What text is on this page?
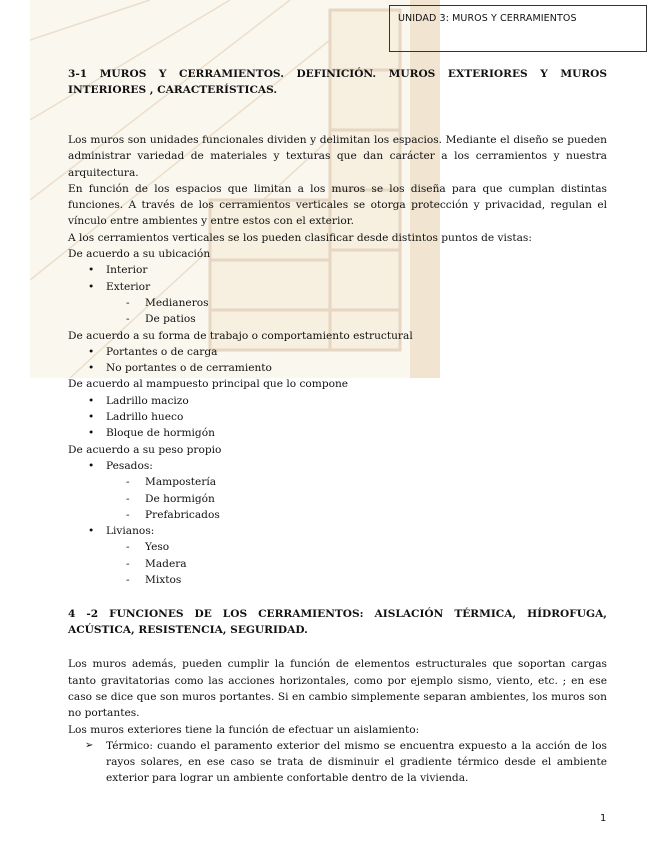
UNIDAD 3: MUROS Y CERRAMIENTOS

3-1 MUROS Y CERRAMIENTOS. DEFINICIÓN. MUROS EXTERIORES Y MUROS INTERIORES , CARACTERÍSTICAS.

Los muros son unidades funcionales dividen y delimitan los espacios. Mediante el diseño se pueden administrar variedad de materiales y texturas que dan carácter a los cerramientos y nuestra arquitectura.

En función de los espacios que limitan a los muros se los diseña para que cumplan distintas funciones. A través de los cerramientos verticales se otorga protección y privacidad, regulan el vínculo entre ambientes y entre estos con el exterior.

A los cerramientos verticales se los pueden clasificar desde distintos puntos de vistas:

De acuerdo a su ubicación
• Interior
• Exterior
- Medianeros
- De patios
De acuerdo a su forma de trabajo o comportamiento estructural
• Portantes o de carga
• No portantes o de cerramiento
De acuerdo al mampuesto principal que lo compone
• Ladrillo macizo
• Ladrillo hueco
• Bloque de hormigón
De acuerdo a su peso propio
• Pesados:
- Mampostería
- De hormigón
- Prefabricados
• Livianos:
- Yeso
- Madera
- Mixtos

4 -2 FUNCIONES DE LOS CERRAMIENTOS: AISLACIÓN TÉRMICA, HÍDROFUGA, ACÚSTICA, RESISTENCIA, SEGURIDAD.

Los muros además, pueden cumplir la función de elementos estructurales que soportan cargas tanto gravitatorias como las acciones horizontales, como por ejemplo sismo, viento, etc. ; en ese caso se dice que son muros portantes. Si en cambio simplemente separan ambientes, los muros son no portantes.

Los muros exteriores tiene la función de efectuar un aislamiento:

➢ Térmico: cuando el paramento exterior del mismo se encuentra expuesto a la acción de los rayos solares, en ese caso se trata de disminuir el gradiente térmico desde el ambiente exterior para lograr un ambiente confortable dentro de la vivienda.
1
